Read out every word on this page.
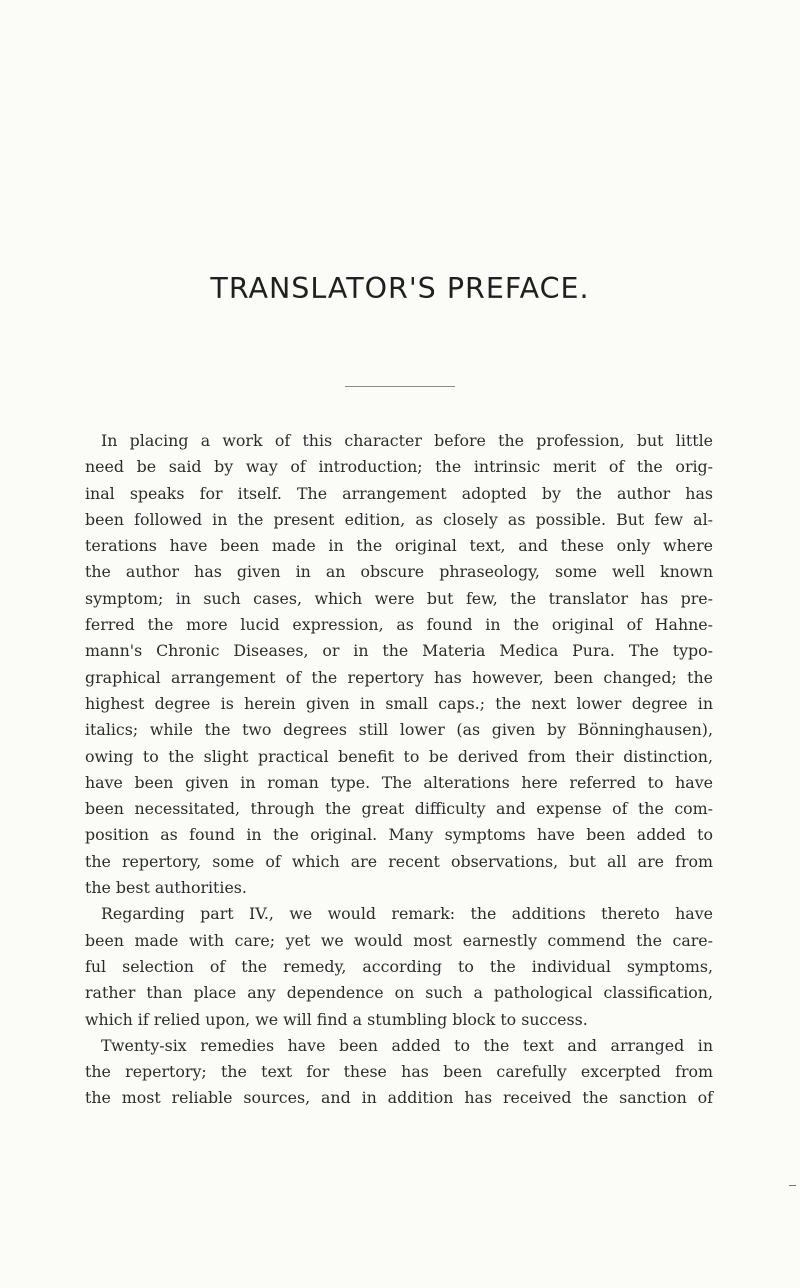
TRANSLATOR'S PREFACE.
In placing a work of this character before the profession, but little
need be said by way of introduction; the intrinsic merit of the orig-
inal speaks for itself. The arrangement adopted by the author has
been followed in the present edition, as closely as possible. But few al-
terations have been made in the original text, and these only where
the author has given in an obscure phraseology, some well known
symptom; in such cases, which were but few, the translator has pre-
ferred the more lucid expression, as found in the original of Hahne-
mann's Chronic Diseases, or in the Materia Medica Pura. The typo-
graphical arrangement of the repertory has however, been changed; the
highest degree is herein given in small caps.; the next lower degree in
italics; while the two degrees still lower (as given by Bönninghausen),
owing to the slight practical benefit to be derived from their distinction,
have been given in roman type. The alterations here referred to have
been necessitated, through the great difficulty and expense of the com-
position as found in the original. Many symptoms have been added to
the repertory, some of which are recent observations, but all are from
the best authorities.
Regarding part IV., we would remark: the additions thereto have
been made with care; yet we would most earnestly commend the care-
ful selection of the remedy, according to the individual symptoms,
rather than place any dependence on such a pathological classification,
which if relied upon, we will find a stumbling block to success.
Twenty-six remedies have been added to the text and arranged in
the repertory; the text for these has been carefully excerpted from
the most reliable sources, and in addition has received the sanction of
